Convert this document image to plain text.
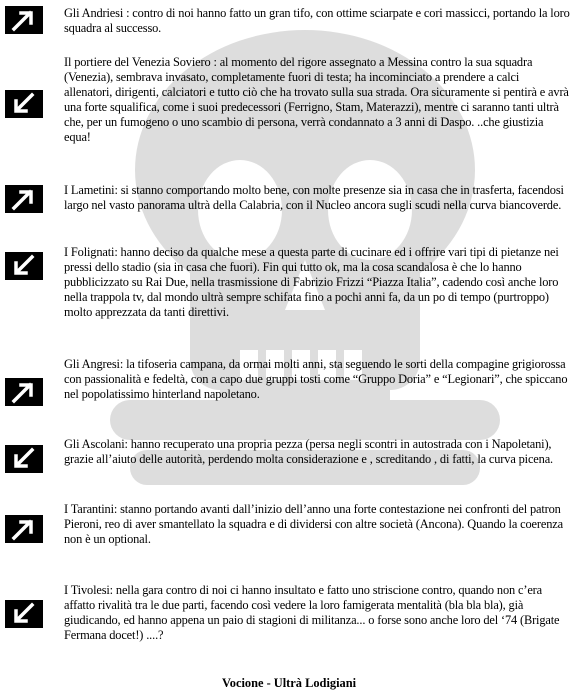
Gli Andriesi : contro di noi hanno fatto un gran tifo, con ottime sciarpate e cori massicci, portando la loro squadra al successo.
Il portiere del Venezia Soviero : al momento del rigore assegnato a Messina contro la sua squadra (Venezia), sembrava invasato, completamente fuori di testa; ha incominciato a prendere a calci allenatori, dirigenti, calciatori e tutto ciò che ha trovato sulla sua strada. Ora sicuramente si pentirà e avrà una forte squalifica, come i suoi predecessori (Ferrigno, Stam, Materazzi), mentre ci saranno tanti ultrà che, per un fumogeno o uno scambio di persona, verrà condannato a 3 anni di Daspo. ..che giustizia equa!
I Lametini: si stanno comportando molto bene, con molte presenze sia in casa che in trasferta, facendosi largo nel vasto panorama ultrà della Calabria, con il Nucleo ancora sugli scudi nella curva biancoverde.
I Folignati: hanno deciso da qualche mese a questa parte di cucinare ed i offrire vari tipi di pietanze nei pressi dello stadio (sia in casa che fuori). Fin qui tutto ok, ma la cosa scandalosa è che lo hanno pubblicizzato su Rai Due, nella trasmissione di Fabrizio Frizzi “Piazza Italia”, cadendo così anche loro nella trappola tv, dal mondo ultrà sempre schifata fino a pochi anni fa, da un po di tempo (purtroppo) molto apprezzata da tanti direttivi.
Gli Angresi: la tifoseria campana, da ormai molti anni, sta seguendo le sorti della compagine grigiorossa con passionalità e fedeltà, con a capo due gruppi tosti come “Gruppo Doria” e “Legionari”, che spiccano nel popolatissimo hinterland napoletano.
Gli Ascolani: hanno recuperato una propria pezza (persa negli scontri in autostrada con i Napoletani), grazie all’aiuto delle autorità, perdendo molta considerazione e , screditando , di fatti, la curva picena.
I Tarantini: stanno portando avanti dall’inizio dell’anno una forte contestazione nei confronti del patron Pieroni, reo di aver smantellato la squadra e di dividersi con altre società (Ancona). Quando la coerenza non è un optional.
I Tivolesi: nella gara contro di noi ci hanno insultato e fatto uno striscione contro, quando non c’era affatto rivalità tra le due parti, facendo così vedere la loro famigerata mentalità (bla bla bla), già giudicando, ed hanno appena un paio di stagioni di militanza... o forse sono anche loro del ‘74 (Brigate Fermana docet!) ....?
Vocione - Ultrà Lodigiani
